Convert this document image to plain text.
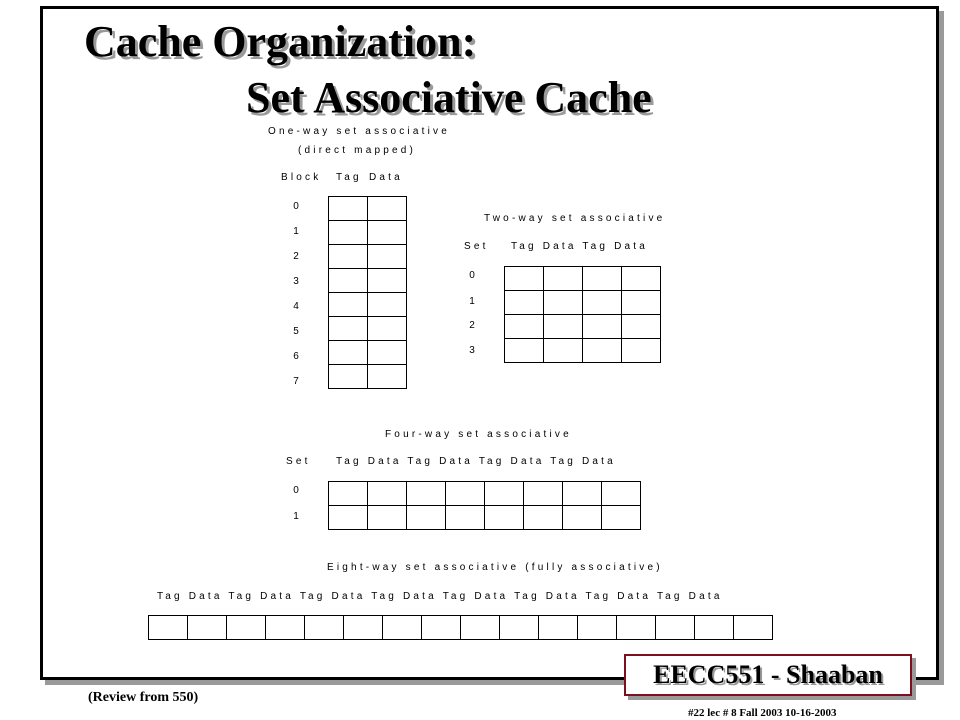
Cache Organization:
Set Associative Cache
One-way set associative
(direct mapped)
Block Tag Data
0
1
2
3
4
5
6
7

Two-way set associative
Set Tag Data Tag Data
0
1
2
3

Four-way set associative
Set	Tag Data Tag Data Tag Data Tag Data
0
1

Eight-way set associative (fully associative)
Tag Data Tag Data Tag Data Tag Data Tag Data Tag Data Tag Data Tag Data

(Review from 550)
EECC551 - Shaaban
#22 lec # 8 Fall 2003 10-16-2003
